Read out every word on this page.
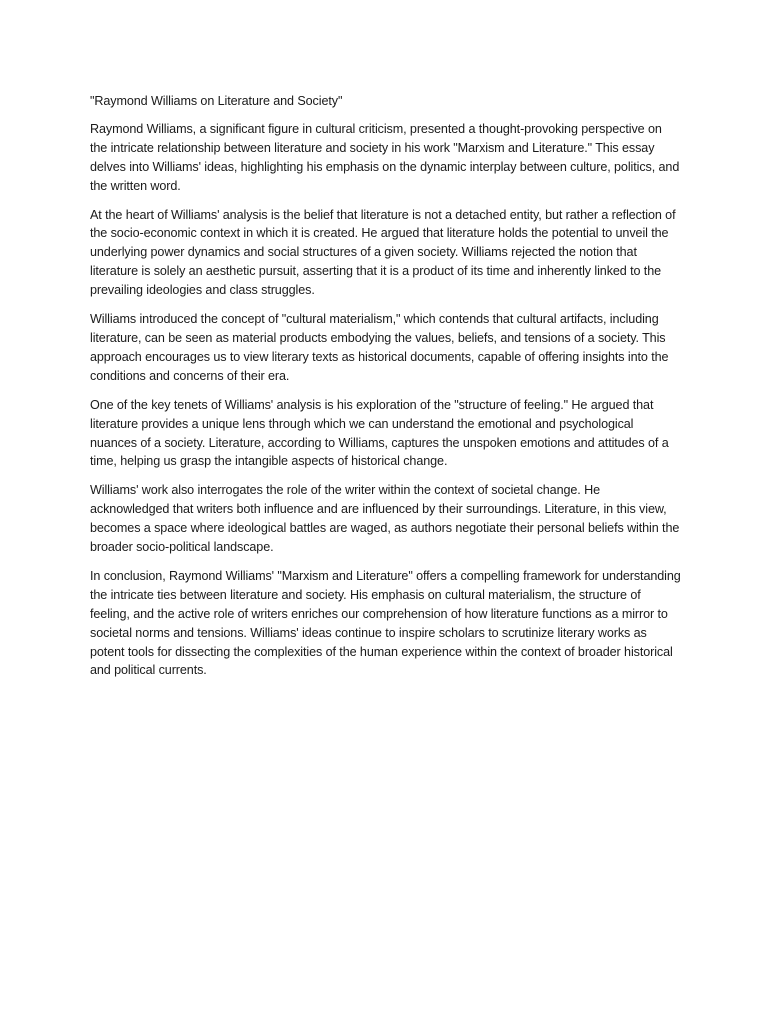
"Raymond Williams on Literature and Society"

Raymond Williams, a significant figure in cultural criticism, presented a thought-provoking perspective on the intricate relationship between literature and society in his work "Marxism and Literature." This essay delves into Williams' ideas, highlighting his emphasis on the dynamic interplay between culture, politics, and the written word.

At the heart of Williams' analysis is the belief that literature is not a detached entity, but rather a reflection of the socio-economic context in which it is created. He argued that literature holds the potential to unveil the underlying power dynamics and social structures of a given society. Williams rejected the notion that literature is solely an aesthetic pursuit, asserting that it is a product of its time and inherently linked to the prevailing ideologies and class struggles.

Williams introduced the concept of "cultural materialism," which contends that cultural artifacts, including literature, can be seen as material products embodying the values, beliefs, and tensions of a society. This approach encourages us to view literary texts as historical documents, capable of offering insights into the conditions and concerns of their era.

One of the key tenets of Williams' analysis is his exploration of the "structure of feeling." He argued that literature provides a unique lens through which we can understand the emotional and psychological nuances of a society. Literature, according to Williams, captures the unspoken emotions and attitudes of a time, helping us grasp the intangible aspects of historical change.

Williams' work also interrogates the role of the writer within the context of societal change. He acknowledged that writers both influence and are influenced by their surroundings. Literature, in this view, becomes a space where ideological battles are waged, as authors negotiate their personal beliefs within the broader socio-political landscape.

In conclusion, Raymond Williams' "Marxism and Literature" offers a compelling framework for understanding the intricate ties between literature and society. His emphasis on cultural materialism, the structure of feeling, and the active role of writers enriches our comprehension of how literature functions as a mirror to societal norms and tensions. Williams' ideas continue to inspire scholars to scrutinize literary works as potent tools for dissecting the complexities of the human experience within the context of broader historical and political currents.
